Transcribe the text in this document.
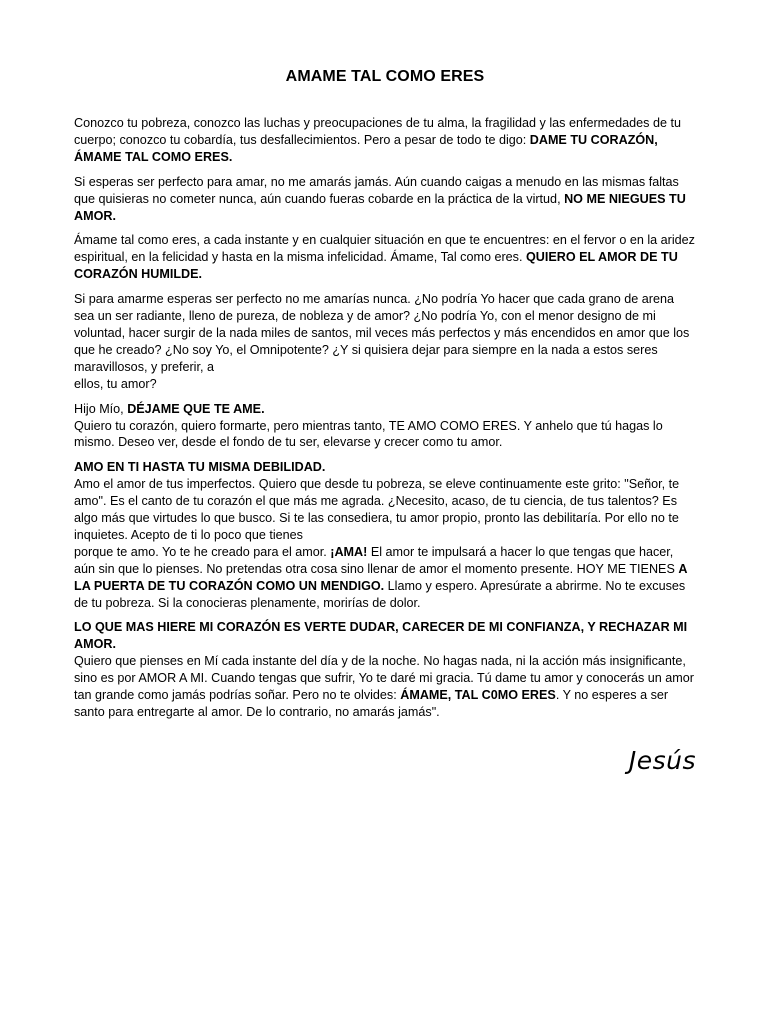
AMAME TAL COMO ERES

Conozco tu pobreza, conozco las luchas y preocupaciones de tu alma, la fragilidad y las enfermedades de tu cuerpo; conozco tu cobardía, tus desfallecimientos. Pero a pesar de todo te digo: DAME TU CORAZÓN, ÁMAME TAL COMO ERES.

Si esperas ser perfecto para amar, no me amarás jamás. Aún cuando caigas a menudo en las mismas faltas que quisieras no cometer nunca, aún cuando fueras cobarde en la práctica de la virtud, NO ME NIEGUES TU AMOR.

Ámame tal como eres, a cada instante y en cualquier situación en que te encuentres: en el fervor o en la aridez espiritual, en la felicidad y hasta en la misma infelicidad. Ámame, Tal como eres. QUIERO EL AMOR DE TU CORAZÓN HUMILDE.

Si para amarme esperas ser perfecto no me amarías nunca. ¿No podría Yo hacer que cada grano de arena sea un ser radiante, lleno de pureza, de nobleza y de amor? ¿No podría Yo, con el menor designo de mi voluntad, hacer surgir de la nada miles de santos, mil veces más perfectos y más encendidos en amor que los que he creado? ¿No soy Yo, el Omnipotente? ¿Y si quisiera dejar para siempre en la nada a estos seres maravillosos, y preferir, a
ellos, tu amor?

Hijo Mío, DÉJAME QUE TE AME.
Quiero tu corazón, quiero formarte, pero mientras tanto, TE AMO COMO ERES. Y anhelo que tú hagas lo mismo. Deseo ver, desde el fondo de tu ser, elevarse y crecer como tu amor.

AMO EN TI HASTA TU MISMA DEBILIDAD.
Amo el amor de tus imperfectos. Quiero que desde tu pobreza, se eleve continuamente este grito: "Señor, te amo". Es el canto de tu corazón el que más me agrada. ¿Necesito, acaso, de tu ciencia, de tus talentos? Es algo más que virtudes lo que busco. Si te las consediera, tu amor propio, pronto las debilitaría. Por ello no te inquietes. Acepto de ti lo poco que tienes
porque te amo. Yo te he creado para el amor. ¡AMA! El amor te impulsará a hacer lo que tengas que hacer, aún sin que lo pienses. No pretendas otra cosa sino llenar de amor el momento presente. HOY ME TIENES A LA PUERTA DE TU CORAZÓN COMO UN MENDIGO. Llamo y espero. Apresúrate a abrirme. No te excuses de tu pobreza. Si la conocieras plenamente, morirías de dolor.

LO QUE MAS HIERE MI CORAZÓN ES VERTE DUDAR, CARECER DE MI CONFIANZA, Y RECHAZAR MI AMOR.
Quiero que pienses en Mí cada instante del día y de la noche. No hagas nada, ni la acción más insignificante, sino es por AMOR A MI. Cuando tengas que sufrir, Yo te daré mi gracia. Tú dame tu amor y conocerás un amor tan grande como jamás podrías soñar. Pero no te olvides: ÁMAME, TAL C0MO ERES. Y no esperes a ser santo para entregarte al amor. De lo contrario, no amarás jamás".

Jesús
